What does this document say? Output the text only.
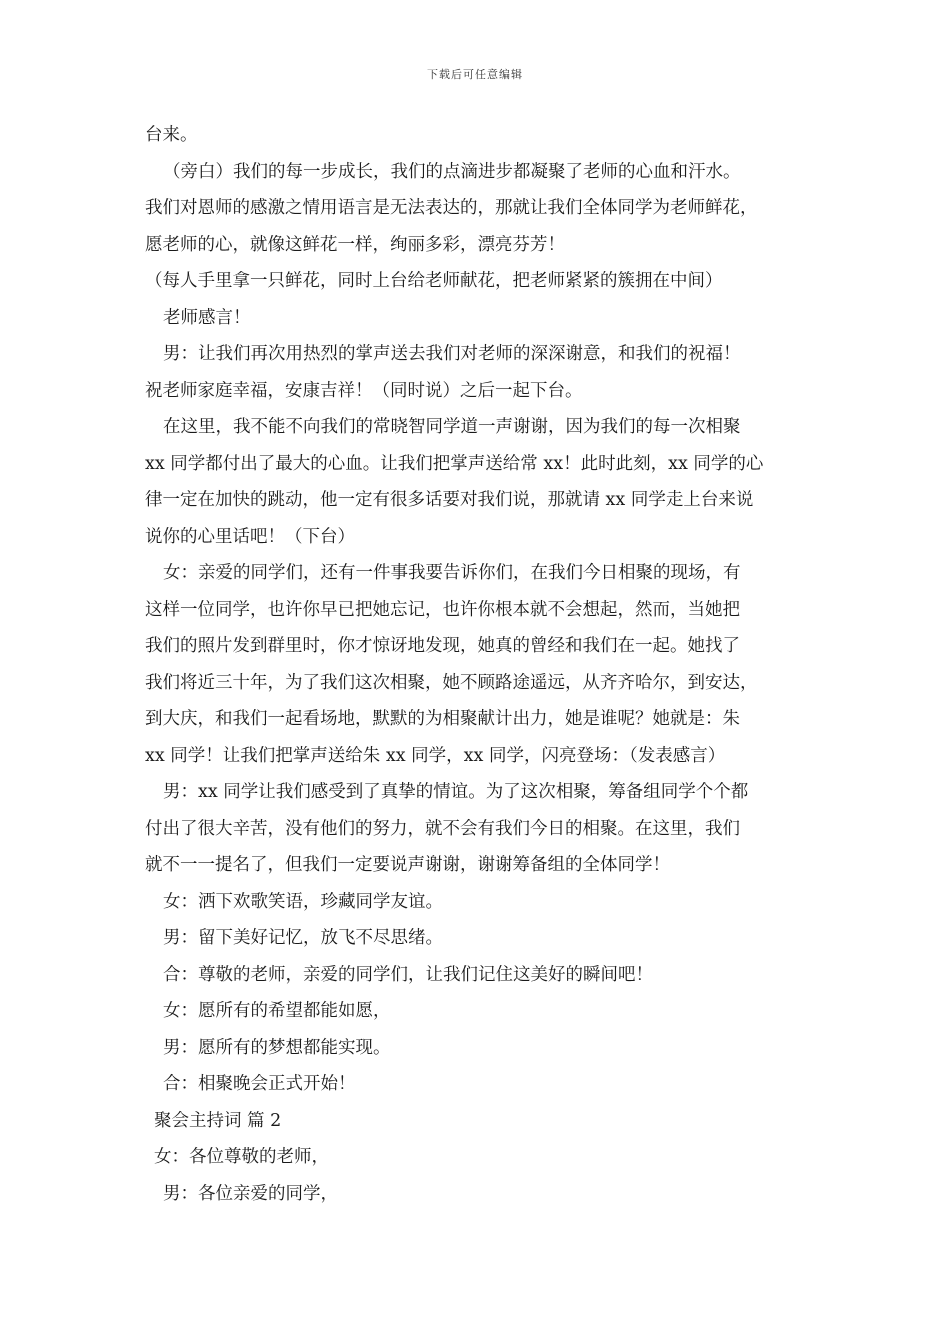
下载后可任意编辑
台来。
（旁白）我们的每一步成长，我们的点滴进步都凝聚了老师的心血和汗水。
我们对恩师的感激之情用语言是无法表达的，那就让我们全体同学为老师鲜花，
愿老师的心，就像这鲜花一样，绚丽多彩，漂亮芬芳！
（每人手里拿一只鲜花，同时上台给老师献花，把老师紧紧的簇拥在中间）
老师感言！
男：让我们再次用热烈的掌声送去我们对老师的深深谢意，和我们的祝福！
祝老师家庭幸福，安康吉祥！（同时说）之后一起下台。
在这里，我不能不向我们的常晓智同学道一声谢谢，因为我们的每一次相聚
xx 同学都付出了最大的心血。让我们把掌声送给常 xx！此时此刻，xx 同学的心
律一定在加快的跳动，他一定有很多话要对我们说，那就请 xx 同学走上台来说
说你的心里话吧！（下台）
女：亲爱的同学们，还有一件事我要告诉你们，在我们今日相聚的现场，有
这样一位同学，也许你早已把她忘记，也许你根本就不会想起，然而，当她把
我们的照片发到群里时，你才惊讶地发现，她真的曾经和我们在一起。她找了
我们将近三十年，为了我们这次相聚，她不顾路途遥远，从齐齐哈尔，到安达，
到大庆，和我们一起看场地，默默的为相聚献计出力，她是谁呢？她就是：朱
xx 同学！让我们把掌声送给朱 xx 同学，xx 同学，闪亮登场：（发表感言）
男：xx 同学让我们感受到了真挚的情谊。为了这次相聚，筹备组同学个个都
付出了很大辛苦，没有他们的努力，就不会有我们今日的相聚。在这里，我们
就不一一提名了，但我们一定要说声谢谢，谢谢筹备组的全体同学！
女：洒下欢歌笑语，珍藏同学友谊。
男：留下美好记忆，放飞不尽思绪。
合：尊敬的老师，亲爱的同学们，让我们记住这美好的瞬间吧！
女：愿所有的希望都能如愿，
男：愿所有的梦想都能实现。
合：相聚晚会正式开始！
聚会主持词 篇 2
女：各位尊敬的老师，
男：各位亲爱的同学，
